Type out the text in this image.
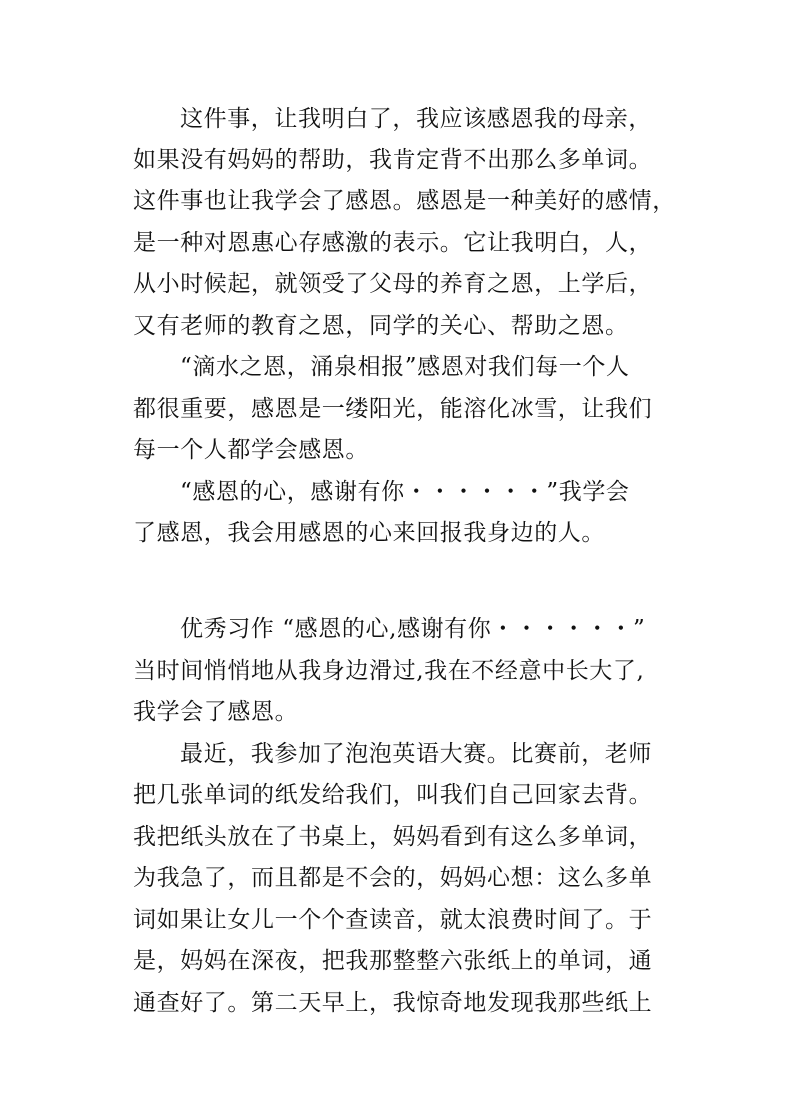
这件事，让我明白了，我应该感恩我的母亲，
如果没有妈妈的帮助，我肯定背不出那么多单词。
这件事也让我学会了感恩。感恩是一种美好的感情，
是一种对恩惠心存感激的表示。它让我明白，人，
从小时候起，就领受了父母的养育之恩，上学后，
又有老师的教育之恩，同学的关心、帮助之恩。
“滴水之恩，涌泉相报”感恩对我们每一个人
都很重要，感恩是一缕阳光，能溶化冰雪，让我们
每一个人都学会感恩。
“感恩的心，感谢有你・・・・・・”我学会
了感恩，我会用感恩的心来回报我身边的人。
优秀习作 “感恩的心,感谢有你・・・・・・”
当时间悄悄地从我身边滑过,我在不经意中长大了,
我学会了感恩。
最近，我参加了泡泡英语大赛。比赛前，老师
把几张单词的纸发给我们，叫我们自己回家去背。
我把纸头放在了书桌上，妈妈看到有这么多单词，
为我急了，而且都是不会的，妈妈心想：这么多单
词如果让女儿一个个查读音，就太浪费时间了。于
是，妈妈在深夜，把我那整整六张纸上的单词，通
通查好了。第二天早上，我惊奇地发现我那些纸上
